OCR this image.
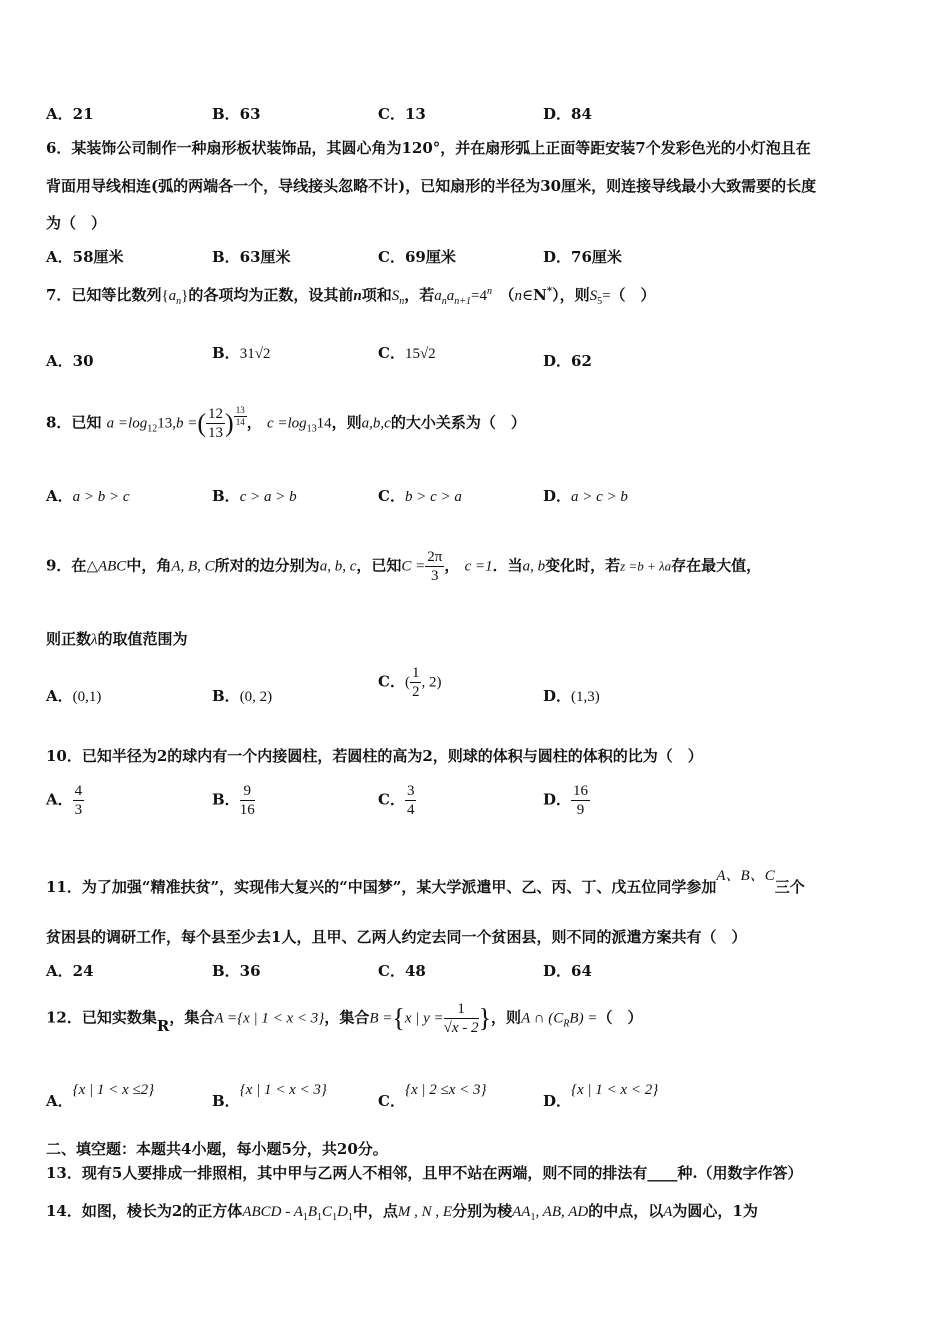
A．21	B．63	C．13	D．84
6．某装饰公司制作一种扇形板状装饰品，其圆心角为120°，并在扇形弧上正面等距安装7个发彩色光的小灯泡且在
背面用导线相连(弧的两端各一个，导线接头忽略不计)，已知扇形的半径为30厘米，则连接导线最小大致需要的长度
为（　）
A．58厘米	B．63厘米	C．69厘米	D．76厘米
7．已知等比数列$\{a_n\}$的各项均为正数，设其前n项和$S_n$，若$a_na_{n+1}=4^n$　 （n∈N*），则$S_5=$（　）
A．30	B．31√2	C．15√2	D．62
8．已知 $a =\log_{12}13,b$ =( $\frac{12}{13}$ ) $^{\frac{13}{14}}$ ， $c =\log_{13}14$，则a,b,c的大小关系为（　）
A．a > b > c	B．c > a > b	C．b > c > a	D．a > c > b
9．在△ABC中，角A, B, C所对的边分别为a, b, c，已知$C = \frac{2\pi}{3}$ ， c =1．当a, b变化时，若z =b + λa存在最大值，
则正数λ的取值范围为
A．(0,1)	B．(0, 2)
C．( $\frac{1}{2}$ , 2)
D．(1,3)
10．已知半径为2的球内有一个内接圆柱，若圆柱的高为2，则球的体积与圆柱的体积的比为（　）
A． $\frac{4}{3}$	B． $\frac{9}{16}$	C． $\frac{3}{4}$	D． $\frac{16}{9}$
11．为了加强“精准扶贫”，实现伟大复兴的“中国梦”，某大学派遣甲、乙、丙、丁、戊五位同学参加A、B、C三个
贫困县的调研工作，每个县至少去1人，且甲、乙两人约定去同一个贫困县，则不同的派遣方案共有（　）
A．24	B．36	C．48	D．64
12．已知实数集R，集合A ={x | 1 < x < 3}，集合B ={x | $y = \frac{1}{√x - 2}$ }，则A ∩ $(C_RB)$ =（　）
A．{x | 1 < x ≤2}
B．{x | 1 < x < 3}
C．{x | 2 ≤x < 3}
D．{x | 1 < x < 2}
二、填空题：本题共4小题，每小题5分，共20分。
13．现有5人要排成一排照相，其中甲与乙两人不相邻，且甲不站在两端，则不同的排法有____种.（用数字作答）
14．如图，棱长为2的正方体ABCD - $A_1B_1C_1D_1$中，点M , N , E分别为棱$AA_1$, AB, AD的中点，以A为圆心，1为
